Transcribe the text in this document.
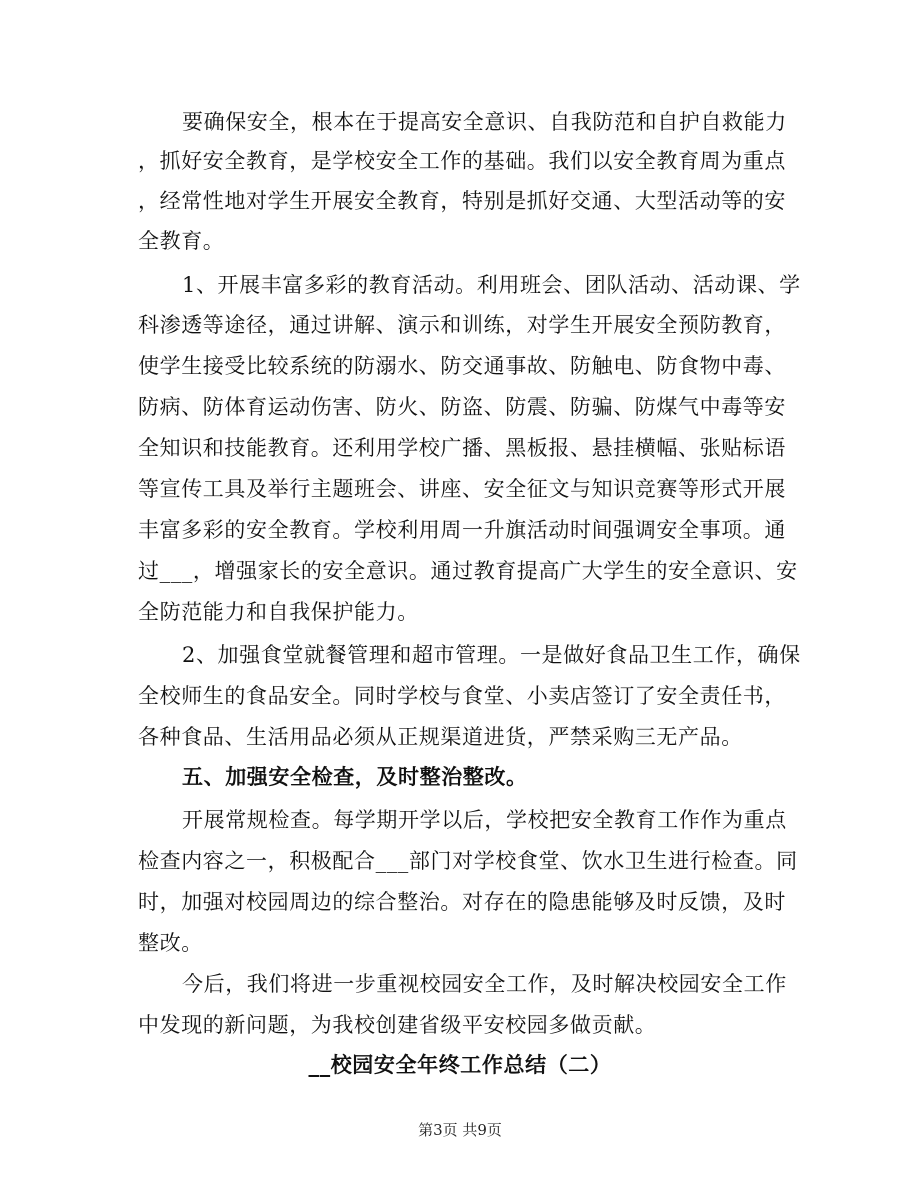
要确保安全，根本在于提高安全意识、自我防范和自护自救能力
，抓好安全教育，是学校安全工作的基础。我们以安全教育周为重点
，经常性地对学生开展安全教育，特别是抓好交通、大型活动等的安
全教育。
1、开展丰富多彩的教育活动。利用班会、团队活动、活动课、学
科渗透等途径，通过讲解、演示和训练，对学生开展安全预防教育，
使学生接受比较系统的防溺水、防交通事故、防触电、防食物中毒、
防病、防体育运动伤害、防火、防盗、防震、防骗、防煤气中毒等安
全知识和技能教育。还利用学校广播、黑板报、悬挂横幅、张贴标语
等宣传工具及举行主题班会、讲座、安全征文与知识竞赛等形式开展
丰富多彩的安全教育。学校利用周一升旗活动时间强调安全事项。通
过___，增强家长的安全意识。通过教育提高广大学生的安全意识、安
全防范能力和自我保护能力。
2、加强食堂就餐管理和超市管理。一是做好食品卫生工作，确保
全校师生的食品安全。同时学校与食堂、小卖店签订了安全责任书，
各种食品、生活用品必须从正规渠道进货，严禁采购三无产品。
五、加强安全检查，及时整治整改。
开展常规检查。每学期开学以后，学校把安全教育工作作为重点
检查内容之一，积极配合___部门对学校食堂、饮水卫生进行检查。同
时，加强对校园周边的综合整治。对存在的隐患能够及时反馈，及时
整改。
今后，我们将进一步重视校园安全工作，及时解决校园安全工作
中发现的新问题，为我校创建省级平安校园多做贡献。
__校园安全年终工作总结（二）
第3页 共9页
